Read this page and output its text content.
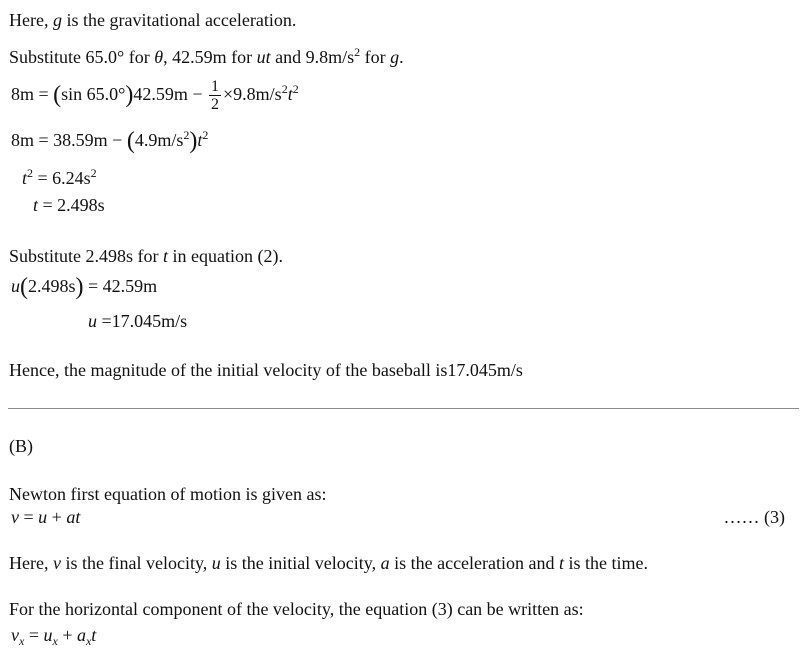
Here, g is the gravitational acceleration.
Substitute 65.0° for θ, 42.59m for ut and $9.8m/s^2$ for g.
8m = (sin $65.0^\circ)42.59m - \frac{1}{2} \times 9.8m/s^2t^2$
$8m = 38.59m - (4.9m/s^2)t^2$
$t^2 = 6.24s^2$
t = 2.498s
Substitute 2.498s for t in equation (2).
u(2.498s) = 42.59m
u =17.045m/s
Hence, the magnitude of the initial velocity of the baseball is17.045m/s
(B)
Newton first equation of motion is given as:
v = u + at	…… (3)
Here, v is the final velocity, u is the initial velocity, a is the acceleration and t is the time.
For the horizontal component of the velocity, the equation (3) can be written as:
$v_x = u_x + a_xt$
